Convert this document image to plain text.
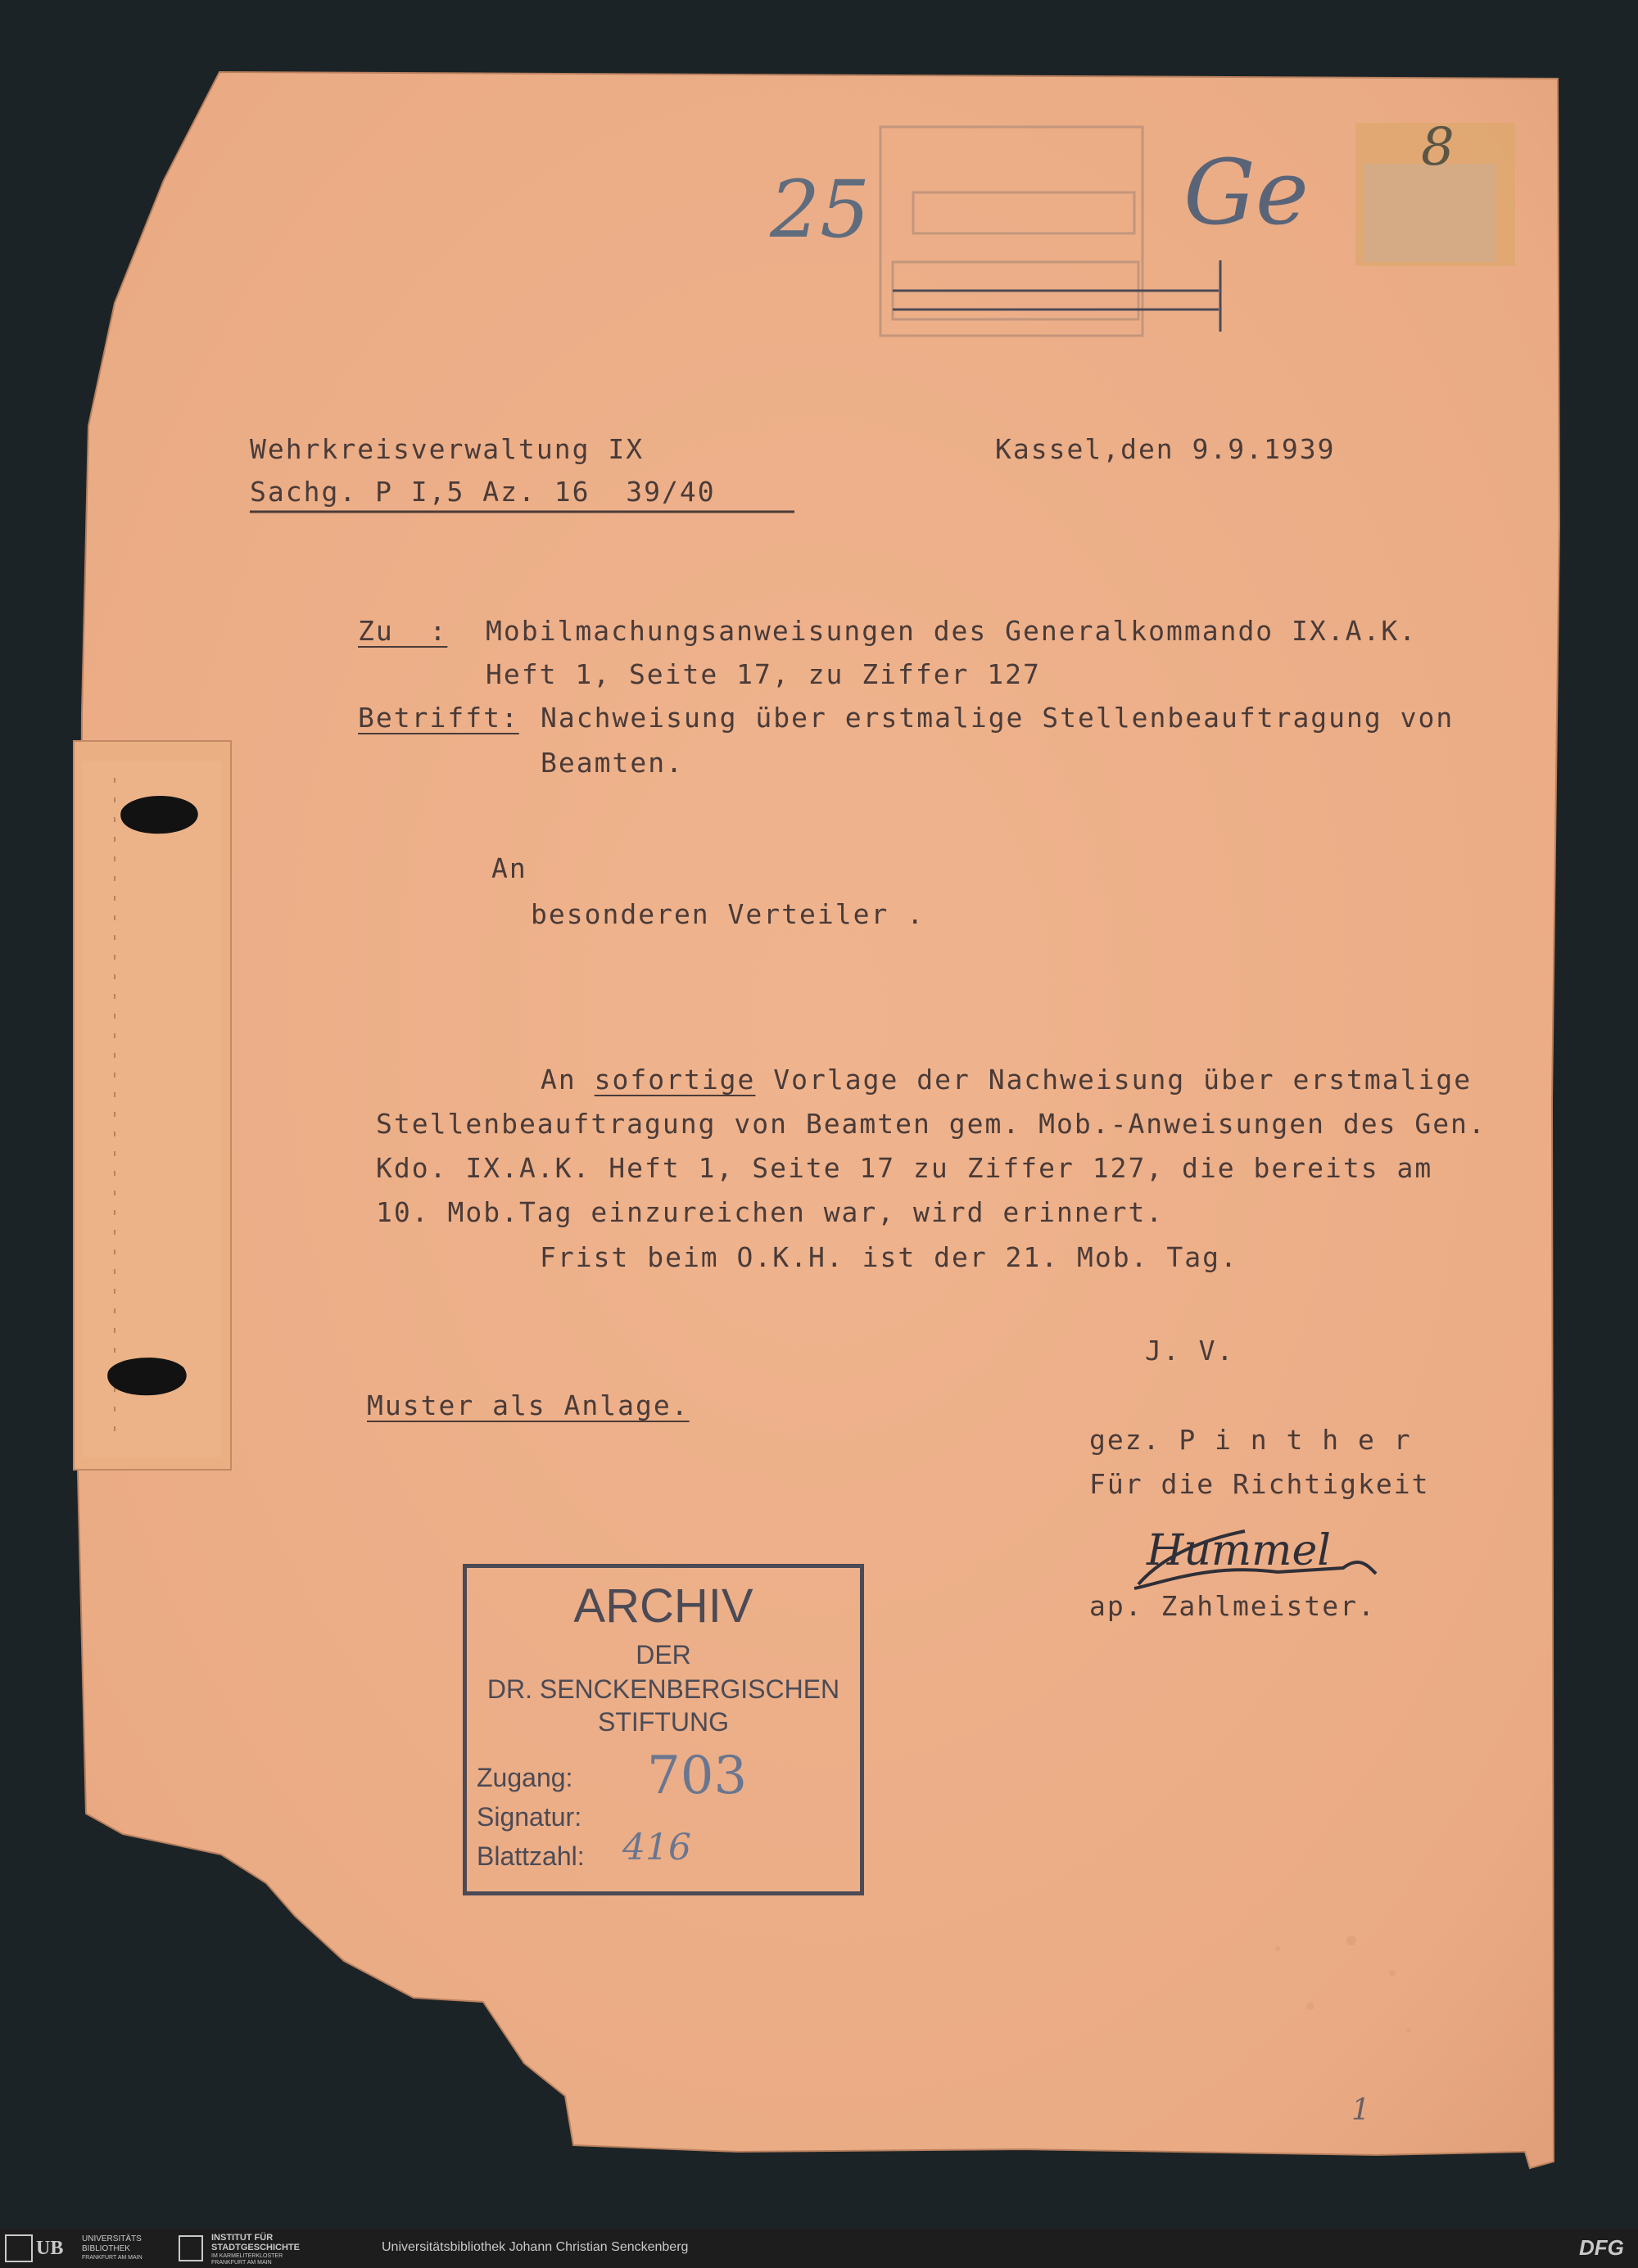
25	Ge 8
1
Wehrkreisverwaltung IX
Sachg. P I,5 Az. 16  39/40
Kassel,den 9.9.1939
Zu  : Mobilmachungsanweisungen des Generalkommando IX.A.K.
Heft 1, Seite 17, zu Ziffer 127
Betrifft: Nachweisung über erstmalige Stellenbeauftragung von
Beamten.
An
besonderen Verteiler .
An sofortige Vorlage der Nachweisung über erstmalige
Stellenbeauftragung von Beamten gem. Mob.-Anweisungen des Gen.
Kdo. IX.A.K. Heft 1, Seite 17 zu Ziffer 127, die bereits am
10. Mob.Tag einzureichen war, wird erinnert.
Frist beim O.K.H. ist der 21. Mob. Tag.
J. V.
Muster als Anlage.
gez. P i n t h e r
Für die Richtigkeit
Hummel
ap. Zahlmeister.
ARCHIV
DER
DR. SENCKENBERGISCHEN
STIFTUNG
Zugang: 703
Signatur:
Blattzahl: 416
UB UNIVERSITÄTS
BIBLIOTHEK
FRANKFURT AM MAIN
INSTITUT FÜR
STADTGESCHICHTE
IM KARMELITERKLOSTER
FRANKFURT AM MAIN
Universitätsbibliothek Johann Christian Senckenberg	DFG
